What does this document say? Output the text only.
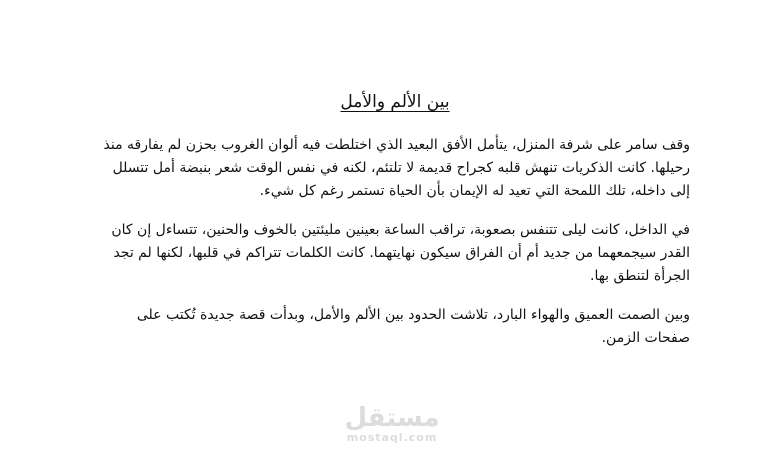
بين الألم والأمل

وقف سامر على شرفة المنزل، يتأمل الأفق البعيد الذي اختلطت فيه ألوان الغروب بحزن لم يفارقه منذ رحيلها. كانت الذكريات تنهش قلبه كجراح قديمة لا تلتئم، لكنه في نفس الوقت شعر بنبضة أمل تتسلل إلى داخله، تلك اللمحة التي تعيد له الإيمان بأن الحياة تستمر رغم كل شيء.

في الداخل، كانت ليلى تتنفس بصعوبة، تراقب الساعة بعينين مليئتين بالخوف والحنين، تتساءل إن كان القدر سيجمعهما من جديد أم أن الفراق سيكون نهايتهما. كانت الكلمات تتراكم في قلبها، لكنها لم تجد الجرأة لتنطق بها.

وبين الصمت العميق والهواء البارد، تلاشت الحدود بين الألم والأمل، وبدأت قصة جديدة تُكتب على صفحات الزمن.

مستقل
mostaql.com
